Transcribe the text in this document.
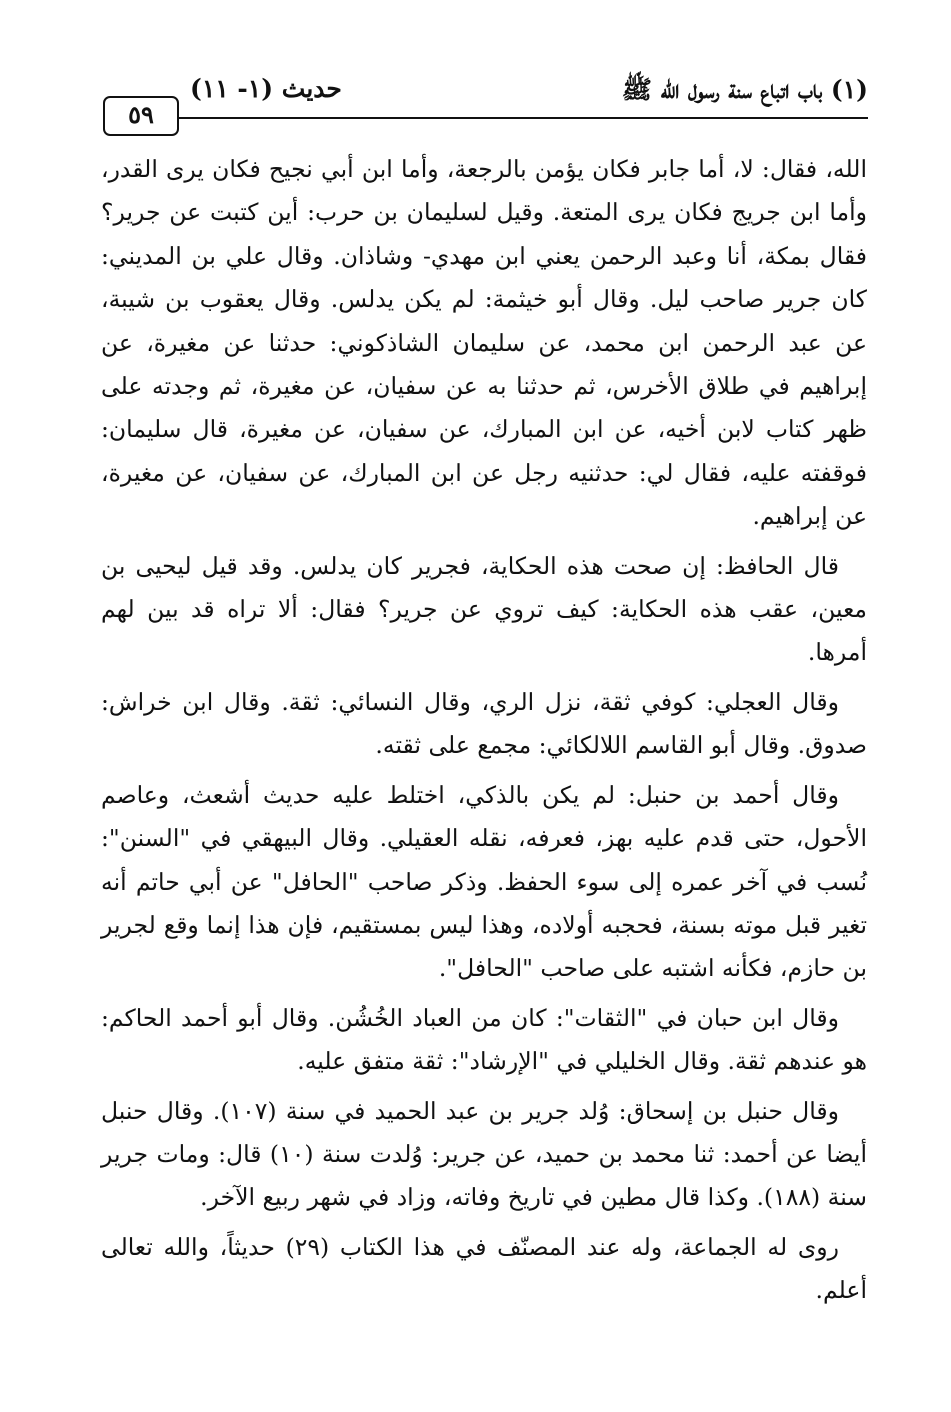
(١) باب اتباع سنة رسول الله ﷺ
حديث (١- ١١)
٥٩

الله، فقال: لا، أما جابر فكان يؤمن بالرجعة، وأما ابن أبي نجيح فكان يرى القدر، وأما ابن جريج فكان يرى المتعة. وقيل لسليمان بن حرب: أين كتبت عن جرير؟ فقال بمكة، أنا وعبد الرحمن يعني ابن مهدي- وشاذان. وقال علي بن المديني: كان جرير صاحب ليل. وقال أبو خيثمة: لم يكن يدلس. وقال يعقوب بن شيبة، عن عبد الرحمن ابن محمد، عن سليمان الشاذكوني: حدثنا عن مغيرة، عن إبراهيم في طلاق الأخرس، ثم حدثنا به عن سفيان، عن مغيرة، ثم وجدته على ظهر كتاب لابن أخيه، عن ابن المبارك، عن سفيان، عن مغيرة، قال سليمان: فوقفته عليه، فقال لي: حدثنيه رجل عن ابن المبارك، عن سفيان، عن مغيرة، عن إبراهيم.

قال الحافظ: إن صحت هذه الحكاية، فجرير كان يدلس. وقد قيل ليحيى بن معين، عقب هذه الحكاية: كيف تروي عن جرير؟ فقال: ألا تراه قد بين لهم أمرها.

وقال العجلي: كوفي ثقة، نزل الري، وقال النسائي: ثقة. وقال ابن خراش: صدوق. وقال أبو القاسم اللالكائي: مجمع على ثقته.

وقال أحمد بن حنبل: لم يكن بالذكي، اختلط عليه حديث أشعث، وعاصم الأحول، حتى قدم عليه بهز، فعرفه، نقله العقيلي. وقال البيهقي في "السنن": نُسب في آخر عمره إلى سوء الحفظ. وذكر صاحب "الحافل" عن أبي حاتم أنه تغير قبل موته بسنة، فحجبه أولاده، وهذا ليس بمستقيم، فإن هذا إنما وقع لجرير بن حازم، فكأنه اشتبه على صاحب "الحافل".

وقال ابن حبان في "الثقات": كان من العباد الخُشُن. وقال أبو أحمد الحاكم: هو عندهم ثقة. وقال الخليلي في "الإرشاد": ثقة متفق عليه.

وقال حنبل بن إسحاق: وُلد جرير بن عبد الحميد في سنة (١٠٧). وقال حنبل أيضا عن أحمد: ثنا محمد بن حميد، عن جرير: وُلدت سنة (١٠) قال: ومات جرير سنة (١٨٨). وكذا قال مطين في تاريخ وفاته، وزاد في شهر ربيع الآخر.

روى له الجماعة، وله عند المصنّف في هذا الكتاب (٢٩) حديثاً، والله تعالى أعلم.
